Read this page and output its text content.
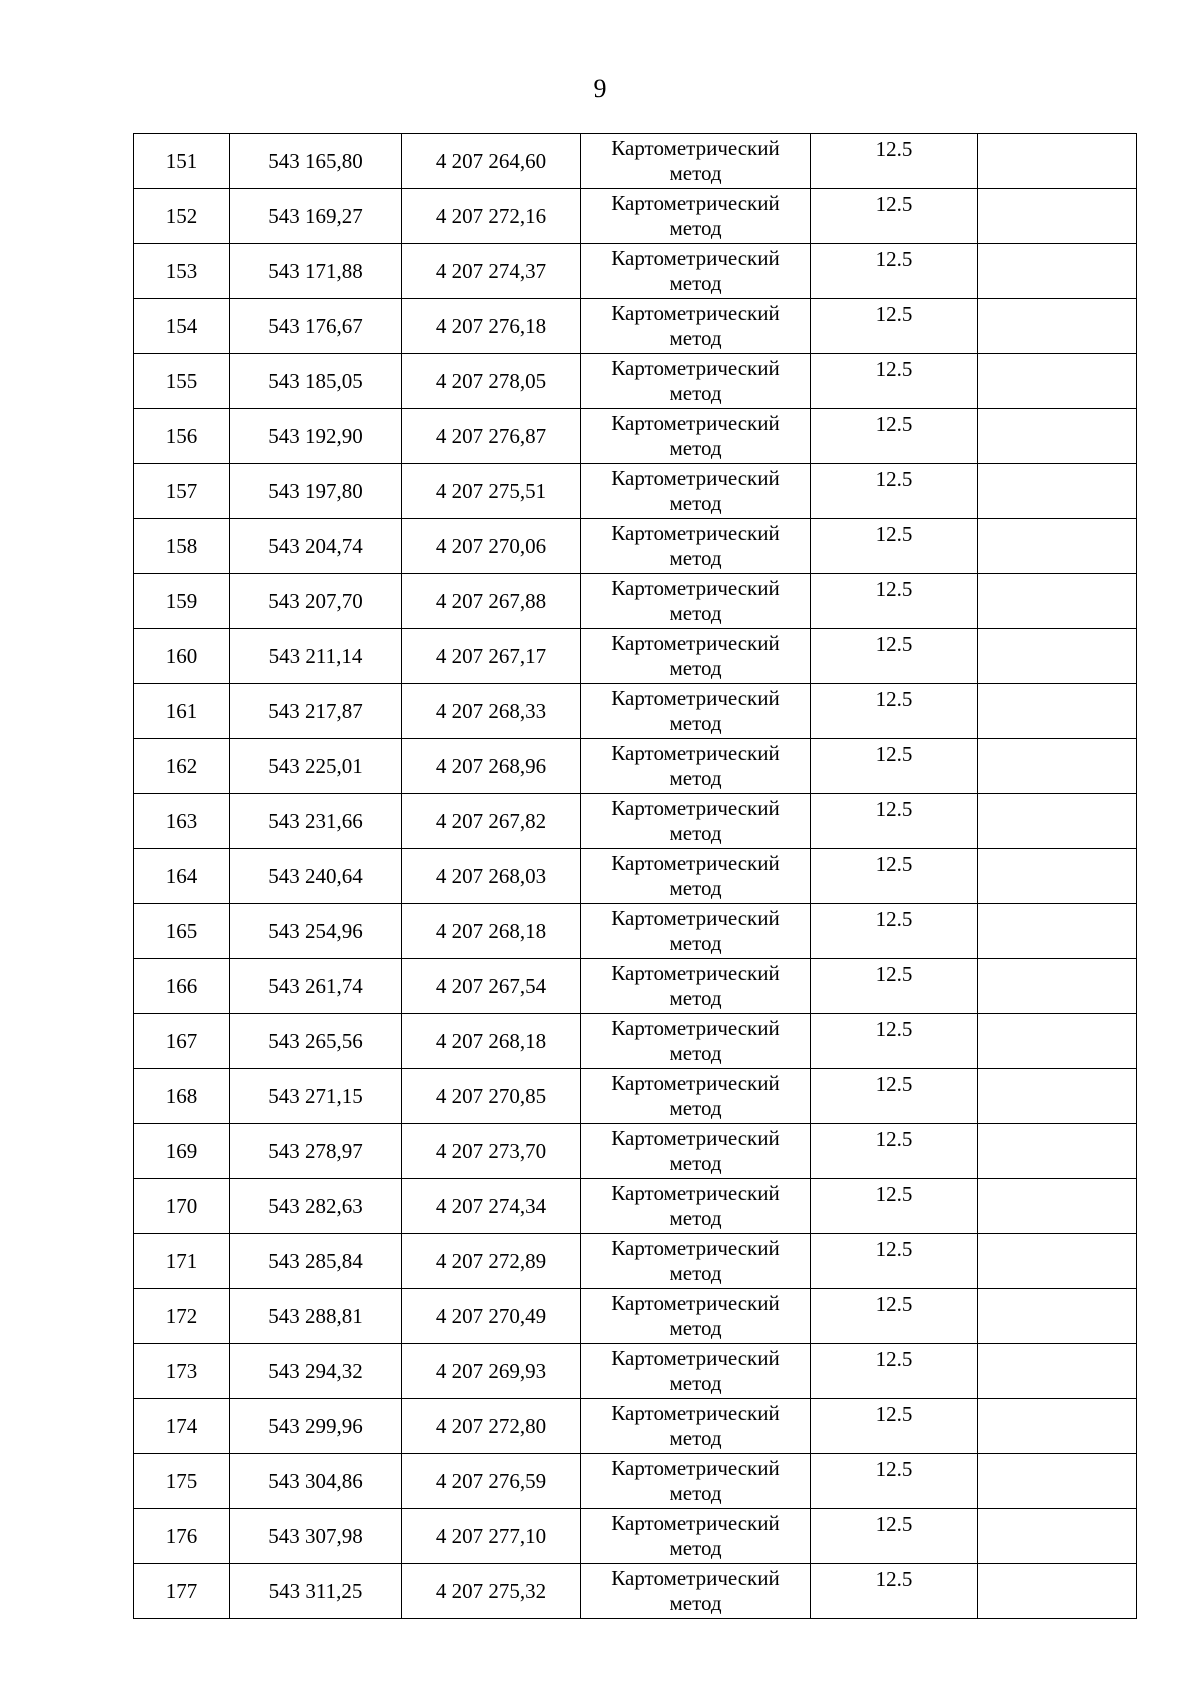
9
151	543 165,80	4 207 264,60	Картометрический
метод	12.5	
152	543 169,27	4 207 272,16	Картометрический
метод	12.5	
153	543 171,88	4 207 274,37	Картометрический
метод	12.5	
154	543 176,67	4 207 276,18	Картометрический
метод	12.5	
155	543 185,05	4 207 278,05	Картометрический
метод	12.5	
156	543 192,90	4 207 276,87	Картометрический
метод	12.5	
157	543 197,80	4 207 275,51	Картометрический
метод	12.5	
158	543 204,74	4 207 270,06	Картометрический
метод	12.5	
159	543 207,70	4 207 267,88	Картометрический
метод	12.5	
160	543 211,14	4 207 267,17	Картометрический
метод	12.5	
161	543 217,87	4 207 268,33	Картометрический
метод	12.5	
162	543 225,01	4 207 268,96	Картометрический
метод	12.5	
163	543 231,66	4 207 267,82	Картометрический
метод	12.5	
164	543 240,64	4 207 268,03	Картометрический
метод	12.5	
165	543 254,96	4 207 268,18	Картометрический
метод	12.5	
166	543 261,74	4 207 267,54	Картометрический
метод	12.5	
167	543 265,56	4 207 268,18	Картометрический
метод	12.5	
168	543 271,15	4 207 270,85	Картометрический
метод	12.5	
169	543 278,97	4 207 273,70	Картометрический
метод	12.5	
170	543 282,63	4 207 274,34	Картометрический
метод	12.5	
171	543 285,84	4 207 272,89	Картометрический
метод	12.5	
172	543 288,81	4 207 270,49	Картометрический
метод	12.5	
173	543 294,32	4 207 269,93	Картометрический
метод	12.5	
174	543 299,96	4 207 272,80	Картометрический
метод	12.5	
175	543 304,86	4 207 276,59	Картометрический
метод	12.5	
176	543 307,98	4 207 277,10	Картометрический
метод	12.5	
177	543 311,25	4 207 275,32	Картометрический
метод	12.5	
